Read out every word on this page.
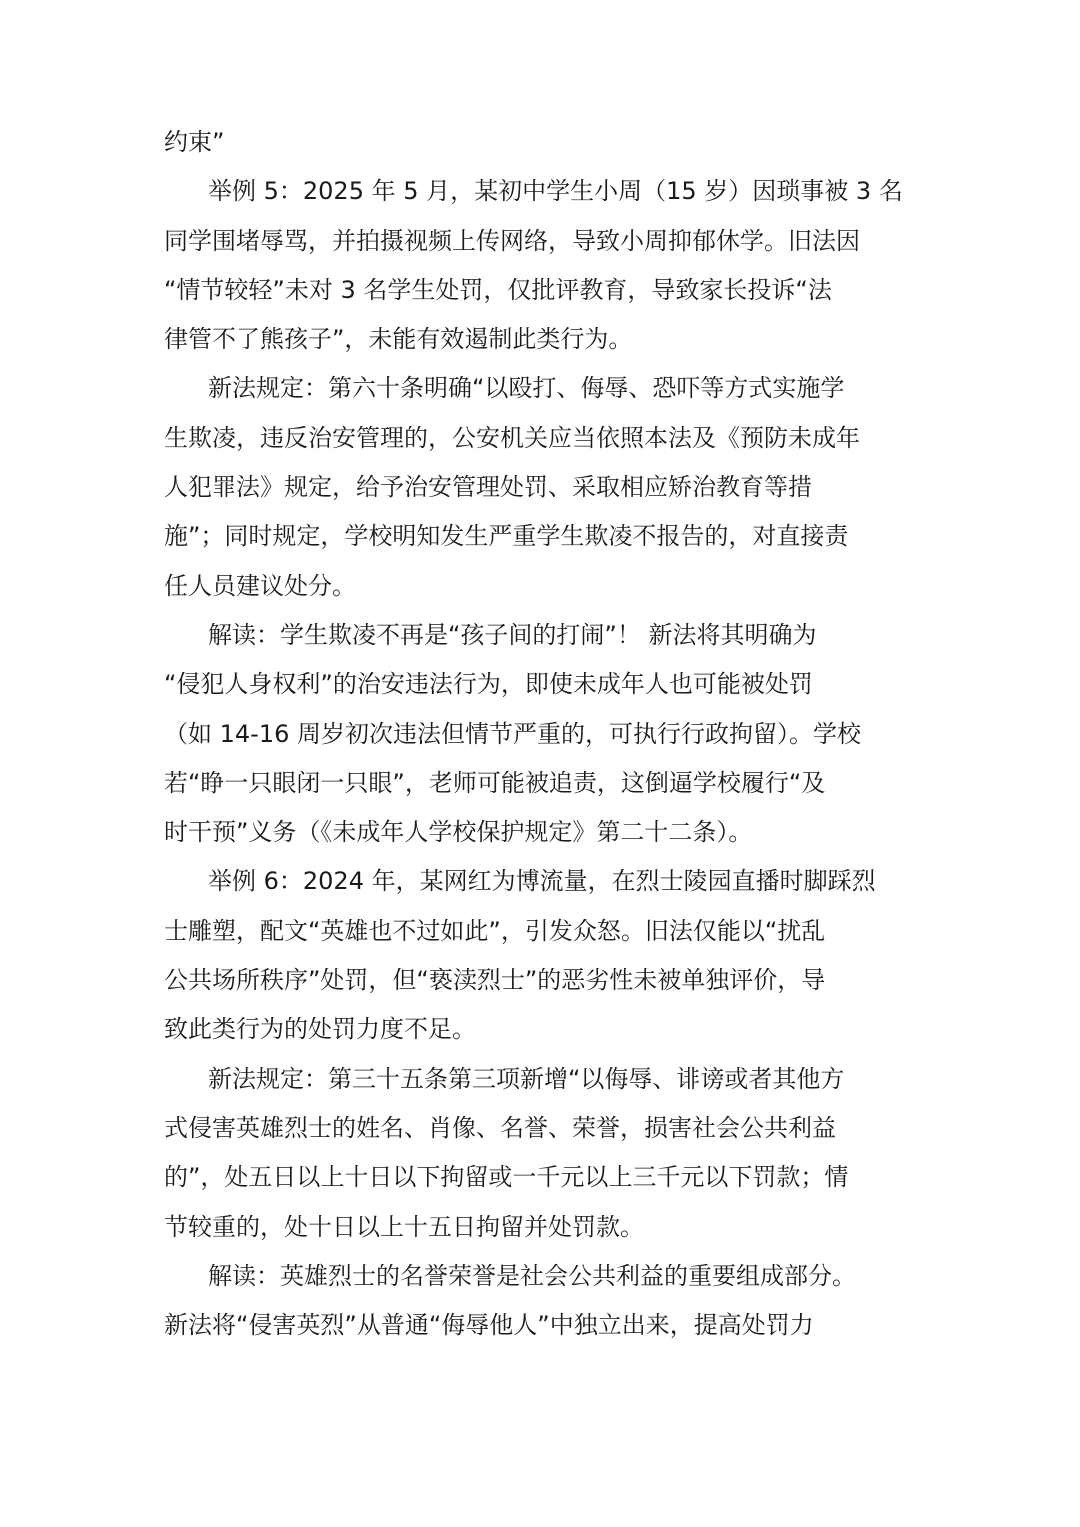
约束”
举例 5：2025 年 5 月，某初中学生小周（15 岁）因琐事被 3 名
同学围堵辱骂，并拍摄视频上传网络，导致小周抑郁休学。旧法因
“情节较轻”未对 3 名学生处罚，仅批评教育，导致家长投诉“法
律管不了熊孩子”，未能有效遏制此类行为。
新法规定：第六十条明确“以殴打、侮辱、恐吓等方式实施学
生欺凌，违反治安管理的，公安机关应当依照本法及《预防未成年
人犯罪法》规定，给予治安管理处罚、采取相应矫治教育等措
施”；同时规定，学校明知发生严重学生欺凌不报告的，对直接责
任人员建议处分。
解读：学生欺凌不再是“孩子间的打闹”！ 新法将其明确为
“侵犯人身权利”的治安违法行为，即使未成年人也可能被处罚
（如 14-16 周岁初次违法但情节严重的，可执行行政拘留）。学校
若“睁一只眼闭一只眼”，老师可能被追责，这倒逼学校履行“及
时干预”义务（《未成年人学校保护规定》第二十二条）。
举例 6：2024 年，某网红为博流量，在烈士陵园直播时脚踩烈
士雕塑，配文“英雄也不过如此”，引发众怒。旧法仅能以“扰乱
公共场所秩序”处罚，但“亵渎烈士”的恶劣性未被单独评价，导
致此类行为的处罚力度不足。
新法规定：第三十五条第三项新增“以侮辱、诽谤或者其他方
式侵害英雄烈士的姓名、肖像、名誉、荣誉，损害社会公共利益
的”，处五日以上十日以下拘留或一千元以上三千元以下罚款；情
节较重的，处十日以上十五日拘留并处罚款。
解读：英雄烈士的名誉荣誉是社会公共利益的重要组成部分。
新法将“侵害英烈”从普通“侮辱他人”中独立出来，提高处罚力
